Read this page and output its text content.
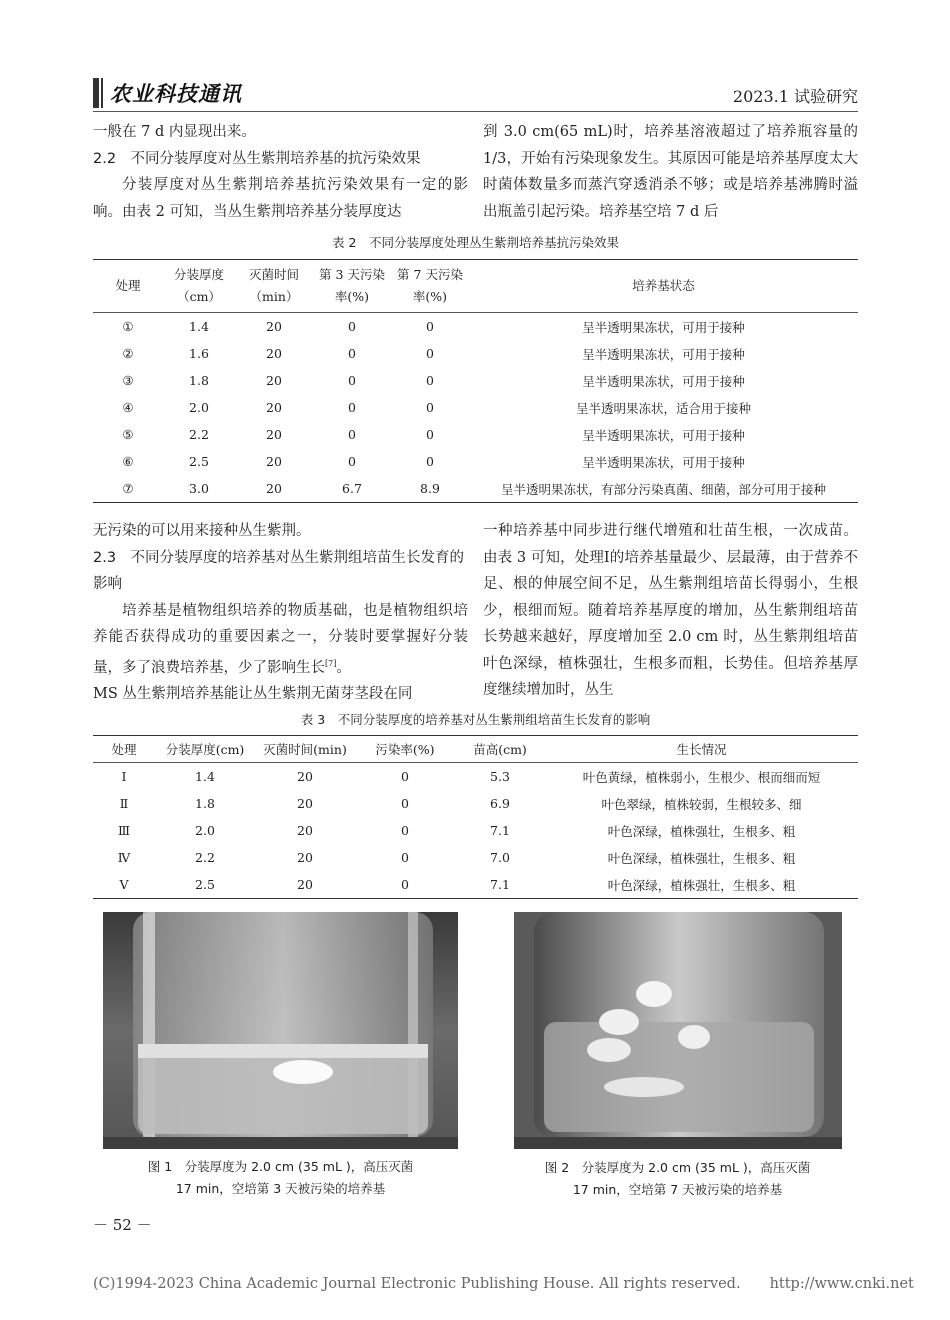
农业科技通讯	2023.1 试验研究

一般在 7 d 内显现出来。

2.2　不同分装厚度对丛生紫荆培养基的抗污染效果

分装厚度对丛生紫荆培养基抗污染效果有一定的影响。由表 2 可知，当丛生紫荆培养基分装厚度达

到 3.0 cm(65 mL)时，培养基溶液超过了培养瓶容量的 1/3，开始有污染现象发生。其原因可能是培养基厚度太大时菌体数量多而蒸汽穿透消杀不够；或是培养基沸腾时溢出瓶盖引起污染。培养基空培 7 d 后

表 2　不同分装厚度处理丛生紫荆培养基抗污染效果
处理	分装厚度（cm）	灭菌时间（min）	第 3 天污染率(%)	第 7 天污染率(%)	培养基状态
①	1.4	20	0	0	呈半透明果冻状，可用于接种
②	1.6	20	0	0	呈半透明果冻状，可用于接种
③	1.8	20	0	0	呈半透明果冻状，可用于接种
④	2.0	20	0	0	呈半透明果冻状，适合用于接种
⑤	2.2	20	0	0	呈半透明果冻状，可用于接种
⑥	2.5	20	0	0	呈半透明果冻状，可用于接种
⑦	3.0	20	6.7	8.9	呈半透明果冻状，有部分污染真菌、细菌，部分可用于接种

无污染的可以用来接种丛生紫荆。

2.3　不同分装厚度的培养基对丛生紫荆组培苗生长发育的影响

培养基是植物组织培养的物质基础，也是植物组织培养能否获得成功的重要因素之一，分装时要掌握好分装量，多了浪费培养基，少了影响生长[7]。

MS 丛生紫荆培养基能让丛生紫荆无菌芽茎段在同

一种培养基中同步进行继代增殖和壮苗生根，一次成苗。由表 3 可知，处理Ⅰ的培养基量最少、层最薄，由于营养不足、根的伸展空间不足，丛生紫荆组培苗长得弱小，生根少，根细而短。随着培养基厚度的增加，丛生紫荆组培苗长势越来越好，厚度增加至 2.0 cm 时，丛生紫荆组培苗叶色深绿，植株强壮，生根多而粗，长势佳。但培养基厚度继续增加时，丛生

表 3　不同分装厚度的培养基对丛生紫荆组培苗生长发育的影响
处理	分装厚度(cm)	灭菌时间(min)	污染率(%)	苗高(cm)	生长情况
Ⅰ	1.4	20	0	5.3	叶色黄绿，植株弱小，生根少、根而细而短
Ⅱ	1.8	20	0	6.9	叶色翠绿，植株较弱，生根较多、细
Ⅲ	2.0	20	0	7.1	叶色深绿，植株强壮，生根多、粗
Ⅳ	2.2	20	0	7.0	叶色深绿，植株强壮，生根多、粗
Ⅴ	2.5	20	0	7.1	叶色深绿，植株强壮，生根多、粗
图 1　分装厚度为 2.0 cm (35 mL )，高压灭菌
17 min，空培第 3 天被污染的培养基
图 2　分装厚度为 2.0 cm (35 mL )，高压灭菌
17 min，空培第 7 天被污染的培养基
－ 52 －
(C)1994-2023 China Academic Journal Electronic Publishing House. All rights reserved.　　http://www.cnki.net
